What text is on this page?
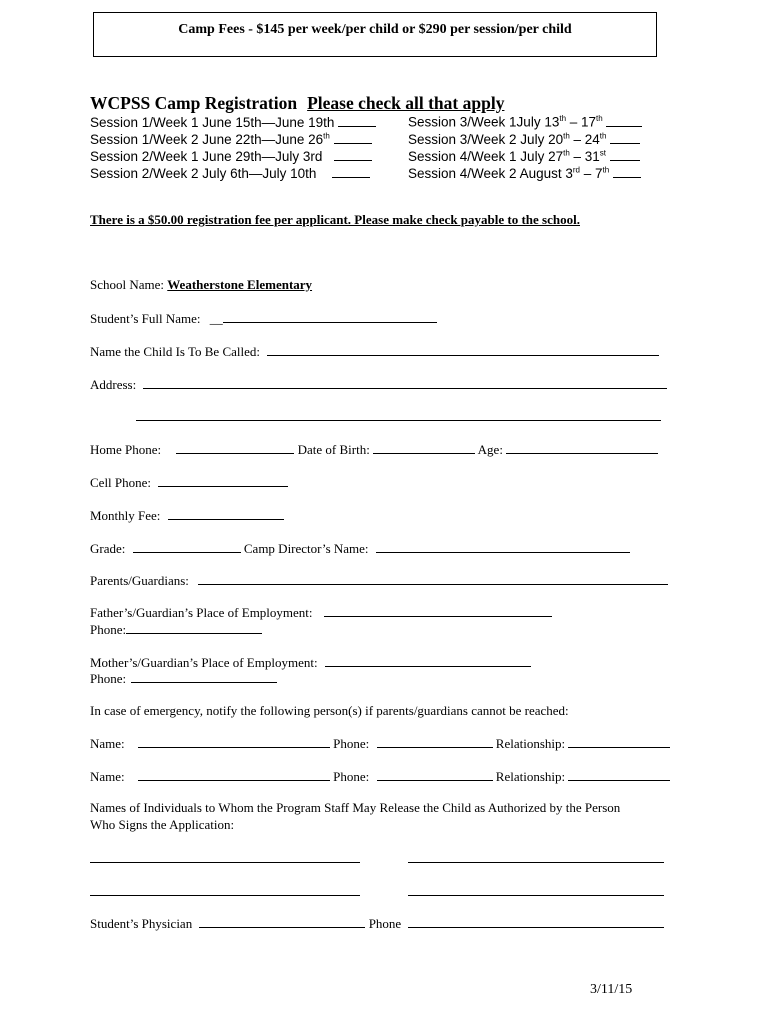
Camp Fees - $145 per week/per child or $290 per session/per child
WCPSS Camp Registration Please check all that apply
Session 1/Week 1 June 15th—June 19th
Session 1/Week 2 June 22th—June 26th
Session 2/Week 1 June 29th—July 3rd
Session 2/Week 2 July 6th—July 10th
Session 3/Week 1July 13th – 17th
Session 3/Week 2 July 20th – 24th
Session 4/Week 1 July 27th – 31st
Session 4/Week 2 August 3rd – 7th
There is a $50.00 registration fee per applicant. Please make check payable to the school.
School Name: Weatherstone Elementary
Student’s Full Name: __
Name the Child Is To Be Called:
Address:
Home Phone:	Date of Birth:	Age:
Cell Phone:
Monthly Fee:
Grade:	Camp Director’s Name:
Parents/Guardians:
Father’s/Guardian’s Place of Employment:
Phone:
Mother’s/Guardian’s Place of Employment:
Phone:
In case of emergency, notify the following person(s) if parents/guardians cannot be reached:
Name:	Phone:	Relationship:
Name:	Phone:	Relationship:
Names of Individuals to Whom the Program Staff May Release the Child as Authorized by the Person
Who Signs the Application:
Student’s Physician	Phone
3/11/15
